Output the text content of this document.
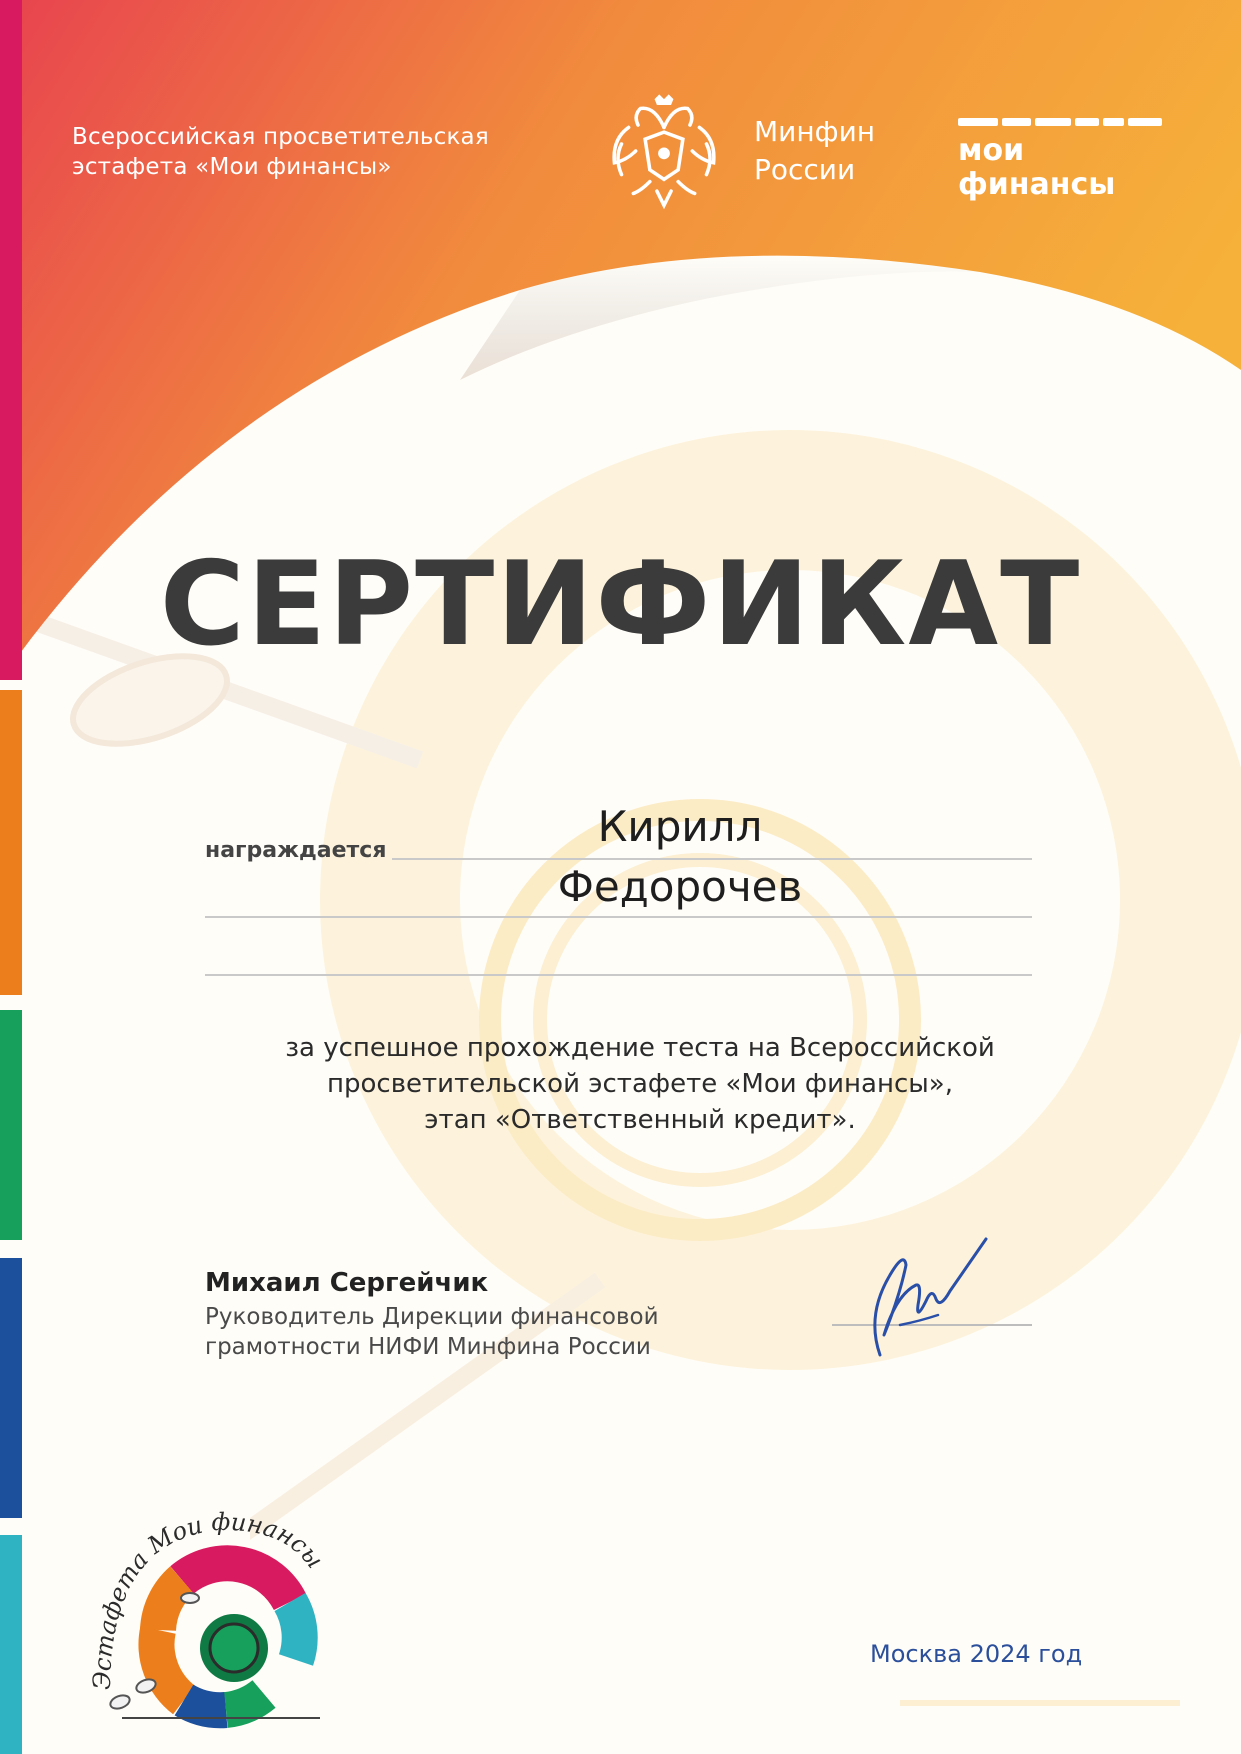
Всероссийская просветительская
эстафета «Мои финансы»
Минфин
России
мои финансы
СЕРТИФИКАТ
награждается	Кирилл
Федорочев
за успешное прохождение теста на Всероссийской
просветительской эстафете «Мои финансы»,
этап «Ответственный кредит».
Михаил Сергейчик
Руководитель Дирекции финансовой
грамотности НИФИ Минфина России
Эстафета Мои финансы
Москва 2024 год
